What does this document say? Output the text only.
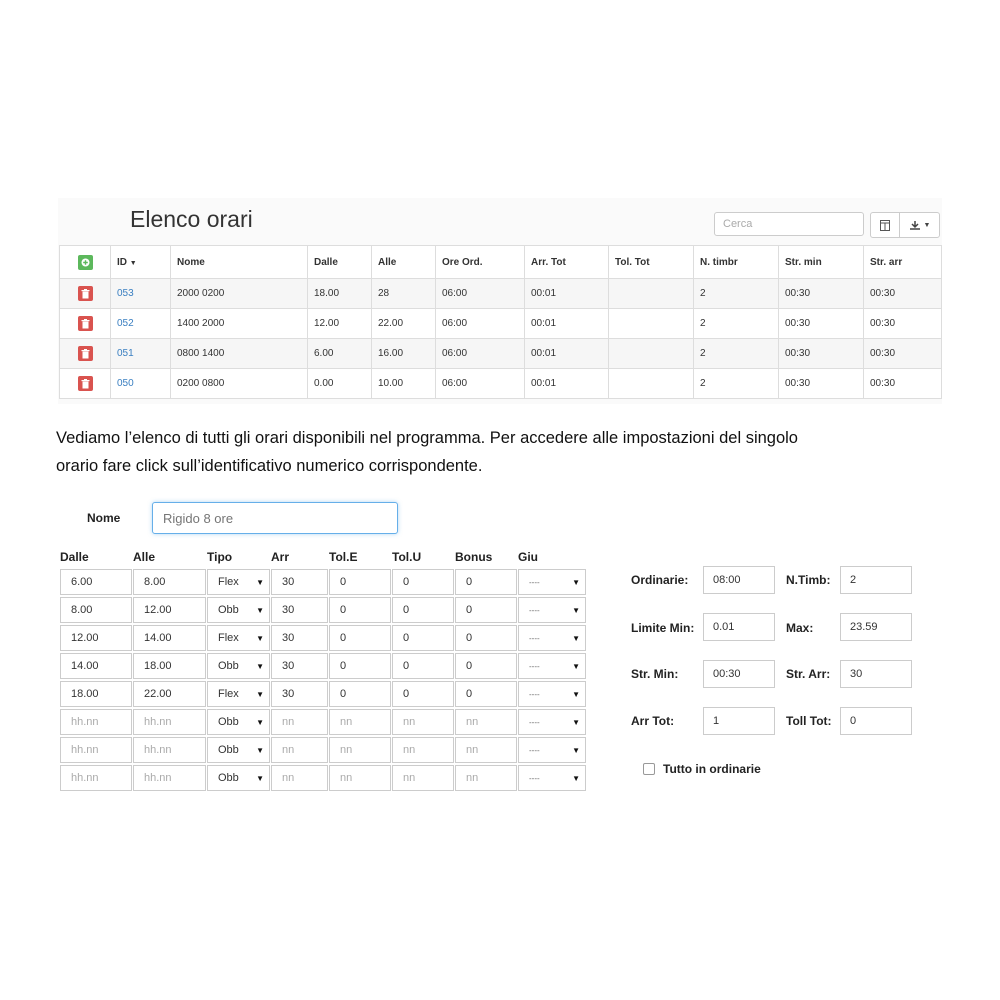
Elenco orari
Cerca	▼
	ID ▼	Nome	Dalle	Alle	Ore Ord.	Arr. Tot	Tol. Tot	N. timbr	Str. min	Str. arr

	053	2000 0200	18.00	28	06:00	00:01		2	00:30	00:30

	052	1400 2000	12.00	22.00	06:00	00:01		2	00:30	00:30

	051	0800 1400	6.00	16.00	06:00	00:01		2	00:30	00:30

	050	0200 0800	0.00	10.00	06:00	00:01		2	00:30	00:30

Vediamo l’elenco di tutti gli orari disponibili nel programma. Per accedere alle impostazioni del singolo
orario fare click sull’identificativo numerico corrispondente.

Nome
Rigido 8 ore
Dalle	Alle	Tipo	Arr	Tol.E	Tol.U	Bonus	Giu

6.00	8.00	Flex ▼	30	0	0	0	---- ▼

8.00	12.00	Obb ▼	30	0	0	0	---- ▼

12.00	14.00	Flex ▼	30	0	0	0	---- ▼

14.00	18.00	Obb ▼	30	0	0	0	---- ▼

18.00	22.00	Flex ▼	30	0	0	0	---- ▼

hh.nn	hh.nn	Obb ▼	nn	nn	nn	nn	---- ▼

hh.nn	hh.nn	Obb ▼	nn	nn	nn	nn	---- ▼

hh.nn	hh.nn	Obb ▼	nn	nn	nn	nn	---- ▼
Ordinarie:	08:00	N.Timb:	2
Limite Min:	0.01	Max:	23.59
Str. Min:	00:30	Str. Arr:	30
Arr Tot:	1	Toll Tot:	0
Tutto in ordinarie
